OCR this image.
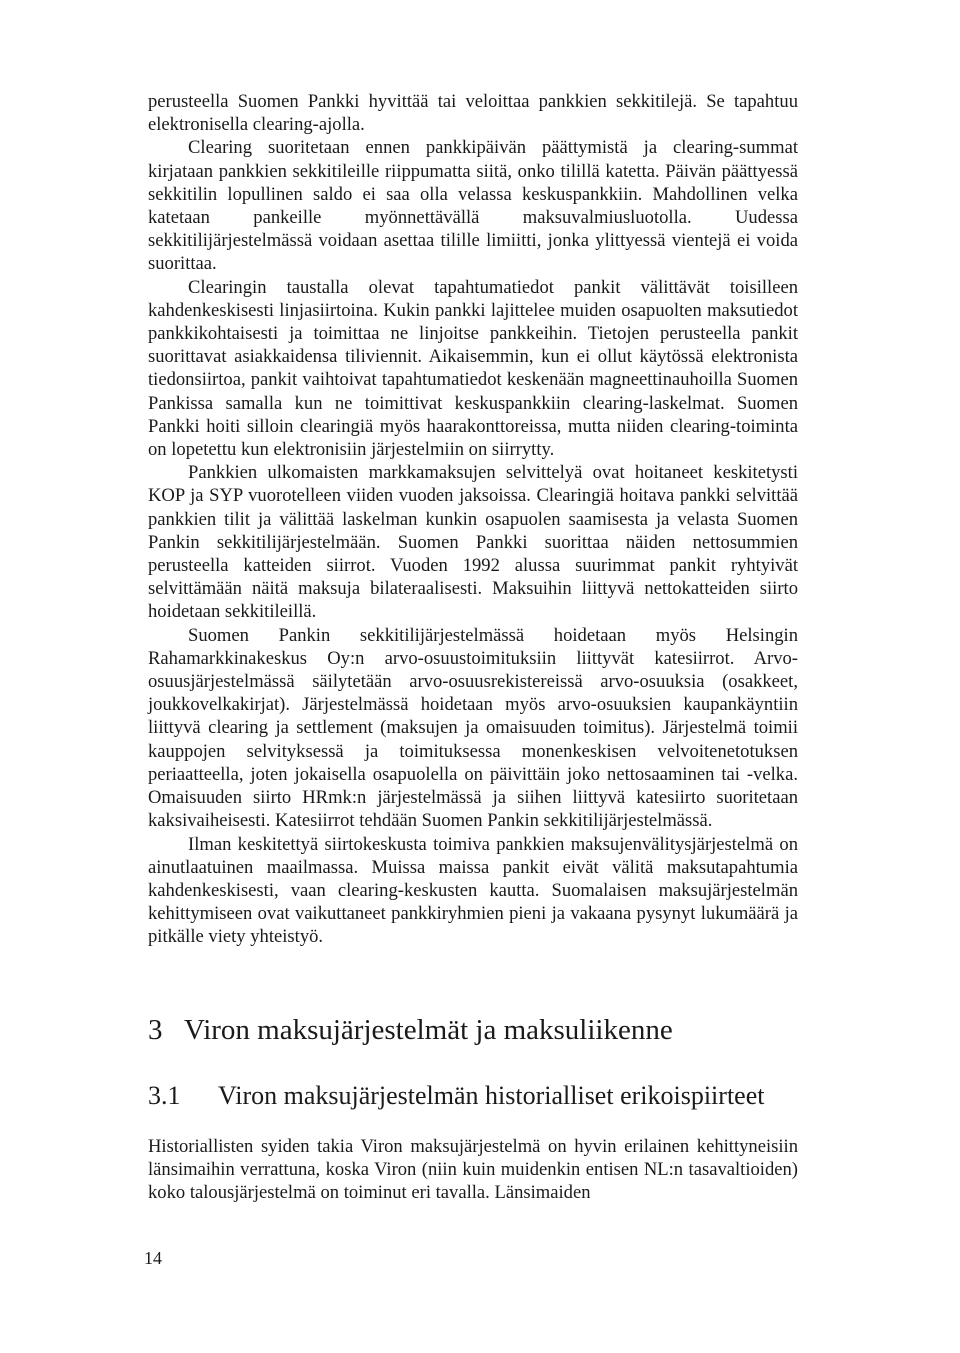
perusteella Suomen Pankki hyvittää tai veloittaa pankkien sekkitilejä. Se tapahtuu elektronisella clearing-ajolla.

Clearing suoritetaan ennen pankkipäivän päättymistä ja clearing-summat kirjataan pankkien sekkitileille riippumatta siitä, onko tilillä katetta. Päivän päättyessä sekkitilin lopullinen saldo ei saa olla velassa keskuspankkiin. Mahdollinen velka katetaan pankeille myönnettävällä maksuvalmiusluotolla. Uudessa sekkitilijärjestelmässä voidaan asettaa tilille limiitti, jonka ylittyessä vientejä ei voida suorittaa.

Clearingin taustalla olevat tapahtumatiedot pankit välittävät toisilleen kahdenkeskisesti linjasiirtoina. Kukin pankki lajittelee muiden osapuolten maksutiedot pankkikohtaisesti ja toimittaa ne linjoitse pankkeihin. Tietojen perusteella pankit suorittavat asiakkaidensa tiliviennit. Aikaisemmin, kun ei ollut käytössä elektronista tiedonsiirtoa, pankit vaihtoivat tapahtumatiedot keskenään magneettinauhoilla Suomen Pankissa samalla kun ne toimittivat keskuspankkiin clearing-laskelmat. Suomen Pankki hoiti silloin clearingiä myös haarakonttoreissa, mutta niiden clearing-toiminta on lopetettu kun elektronisiin järjestelmiin on siirrytty.

Pankkien ulkomaisten markkamaksujen selvittelyä ovat hoitaneet keskitetysti KOP ja SYP vuorotelleen viiden vuoden jaksoissa. Clearingiä hoitava pankki selvittää pankkien tilit ja välittää laskelman kunkin osapuolen saamisesta ja velasta Suomen Pankin sekkitilijärjestelmään. Suomen Pankki suorittaa näiden nettosummien perusteella katteiden siirrot. Vuoden 1992 alussa suurimmat pankit ryhtyivät selvittämään näitä maksuja bilateraalisesti. Maksuihin liittyvä nettokatteiden siirto hoidetaan sekkitileillä.

Suomen Pankin sekkitilijärjestelmässä hoidetaan myös Helsingin Rahamarkkinakeskus Oy:n arvo-osuustoimituksiin liittyvät katesiirrot. Arvo-osuusjärjestelmässä säilytetään arvo-osuusrekistereissä arvo-osuuksia (osakkeet, joukkovelkakirjat). Järjestelmässä hoidetaan myös arvo-osuuksien kaupankäyntiin liittyvä clearing ja settlement (maksujen ja omaisuuden toimitus). Järjestelmä toimii kauppojen selvityksessä ja toimituksessa monenkeskisen velvoitenetotuksen periaatteella, joten jokaisella osapuolella on päivittäin joko nettosaaminen tai -velka. Omaisuuden siirto HRmk:n järjestelmässä ja siihen liittyvä katesiirto suoritetaan kaksivaiheisesti. Katesiirrot tehdään Suomen Pankin sekkitilijärjestelmässä.

Ilman keskitettyä siirtokeskusta toimiva pankkien maksujenvälitysjärjestelmä on ainutlaatuinen maailmassa. Muissa maissa pankit eivät välitä maksutapahtumia kahdenkeskisesti, vaan clearing-keskusten kautta. Suomalaisen maksujärjestelmän kehittymiseen ovat vaikuttaneet pankkiryhmien pieni ja vakaana pysynyt lukumäärä ja pitkälle viety yhteistyö.

3 Viron maksujärjestelmät ja maksuliikenne
3.1 Viron maksujärjestelmän historialliset erikoispiirteet

Historiallisten syiden takia Viron maksujärjestelmä on hyvin erilainen kehittyneisiin länsimaihin verrattuna, koska Viron (niin kuin muidenkin entisen NL:n tasavaltioiden) koko talousjärjestelmä on toiminut eri tavalla. Länsimaiden

14
